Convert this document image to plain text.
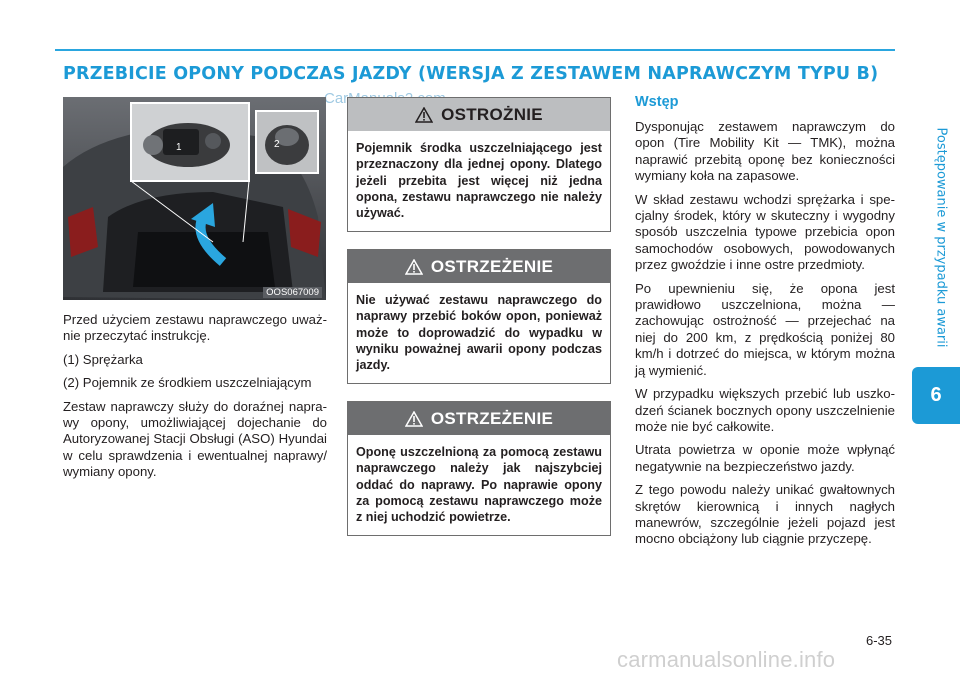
PRZEBICIE OPONY PODCZAS JAZDY (WERSJA Z ZESTAWEM NAPRAWCZYM TYPU B)
Postępowanie w przypadku awarii
6
1	2
OOS067009

Przed użyciem zestawu naprawczego uważnie przeczytać instrukcję.

(1) Sprężarka

(2) Pojemnik ze środkiem uszczelniającym

Zestaw naprawczy służy do doraźnej naprawy opony, umożliwiającej dojechanie do Autoryzowanej Stacji Obsługi (ASO) Hyundai w celu sprawdzenia i ewentualnej naprawy/ wymiany opony.

OSTROŻNIE
Pojemnik środka uszczelniającego jest przeznaczony dla jednej opony. Dlatego jeżeli przebita jest więcej niż jedna opona, zestawu naprawczego nie należy używać.
OSTRZEŻENIE
Nie używać zestawu naprawczego do naprawy przebić boków opon, ponieważ może to doprowadzić do wypadku w wyniku poważnej awarii opony podczas jazdy.
OSTRZEŻENIE
Oponę uszczelnioną za pomocą zestawu naprawczego należy jak najszybciej oddać do naprawy. Po naprawie opony za pomocą zestawu naprawczego może z niej uchodzić powietrze.
Wstęp

Dysponując zestawem naprawczym do opon (Tire Mobility Kit — TMK), można naprawić przebitą oponę bez konieczności wymiany koła na zapasowe.

W skład zestawu wchodzi sprężarka i specjalny środek, który w skuteczny i wygodny sposób uszczelnia typowe przebicia opon samochodów osobowych, powodowanych przez gwoździe i inne ostre przedmioty.

Po upewnieniu się, że opona jest prawidłowo uszczelniona, można — zachowując ostrożność — przejechać na niej do 200 km, z prędkością poniżej 80 km/h i dotrzeć do miejsca, w którym można ją wymienić.

W przypadku większych przebić lub uszkodzeń ścianek bocznych opony uszczelnienie może nie być całkowite.

Utrata powietrza w oponie może wpłynąć negatywnie na bezpieczeństwo jazdy.

Z tego powodu należy unikać gwałtownych skrętów kierownicą i innych nagłych manewrów, szczególnie jeżeli pojazd jest mocno obciążony lub ciągnie przyczepę.

6-35
carmanualsonline.info
